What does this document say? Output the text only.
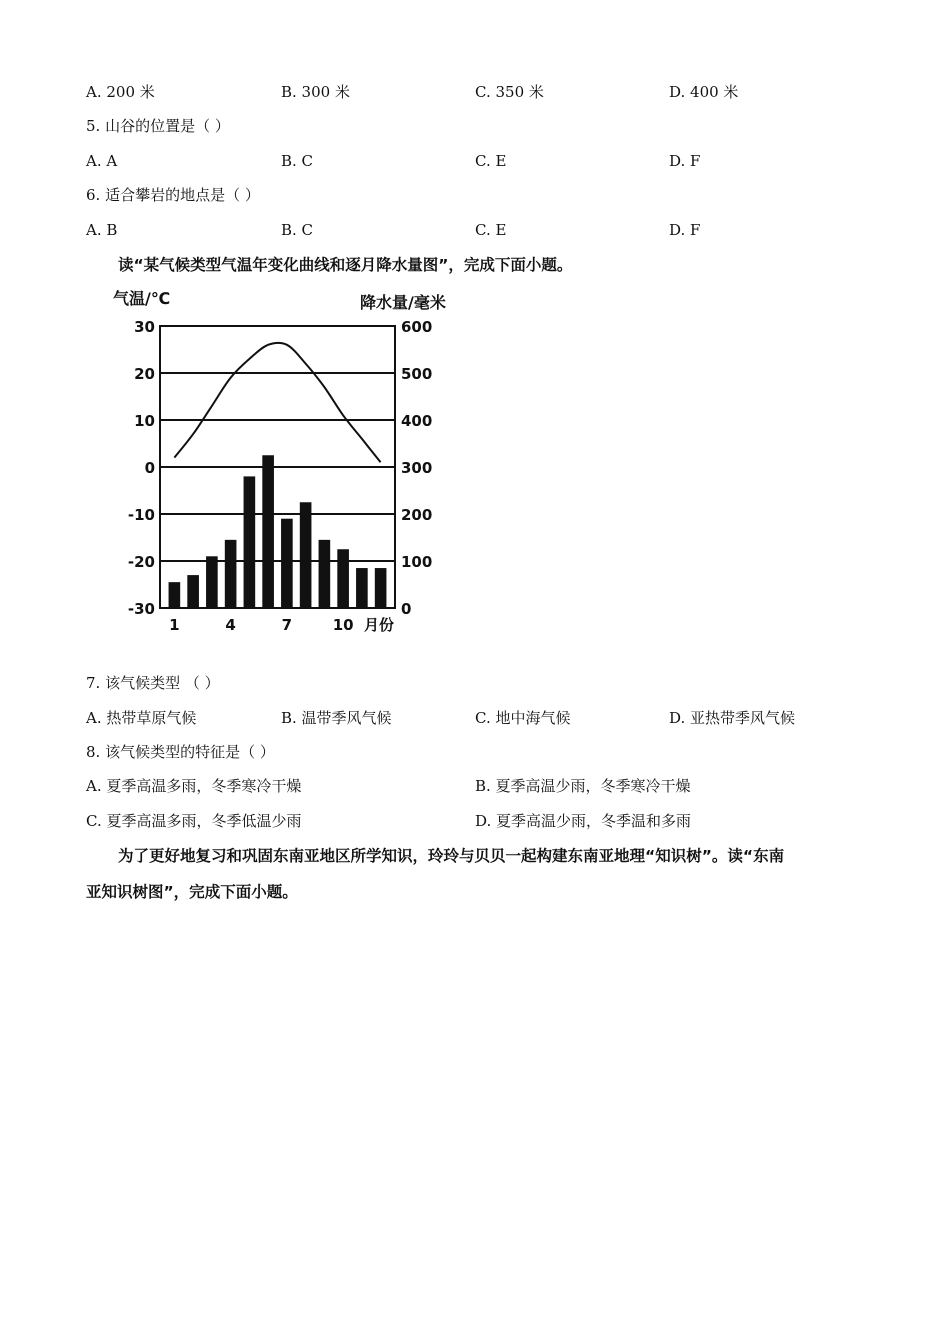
A. 200 米	B. 300 米	C. 350 米	D. 400 米
5. 山谷的位置是（ ）
A. A	B. C	C. E	D. F
6. 适合攀岩的地点是（ ）
A. B	B. C	C. E	D. F
读“某气候类型气温年变化曲线和逐月降水量图”，完成下面小题。
气温/℃	降水量/毫米
月份
30
20
10
0
-10
-20
-30
600
500
400
300
200
100
0
1	4	7	10
7. 该气候类型 （ ）
A. 热带草原气候	B. 温带季风气候	C. 地中海气候	D. 亚热带季风气候
8. 该气候类型的特征是（ ）
A. 夏季高温多雨，冬季寒冷干燥	B. 夏季高温少雨，冬季寒冷干燥
C. 夏季高温多雨，冬季低温少雨	D. 夏季高温少雨，冬季温和多雨
为了更好地复习和巩固东南亚地区所学知识，玲玲与贝贝一起构建东南亚地理“知识树”。读“东南
亚知识树图”，完成下面小题。
